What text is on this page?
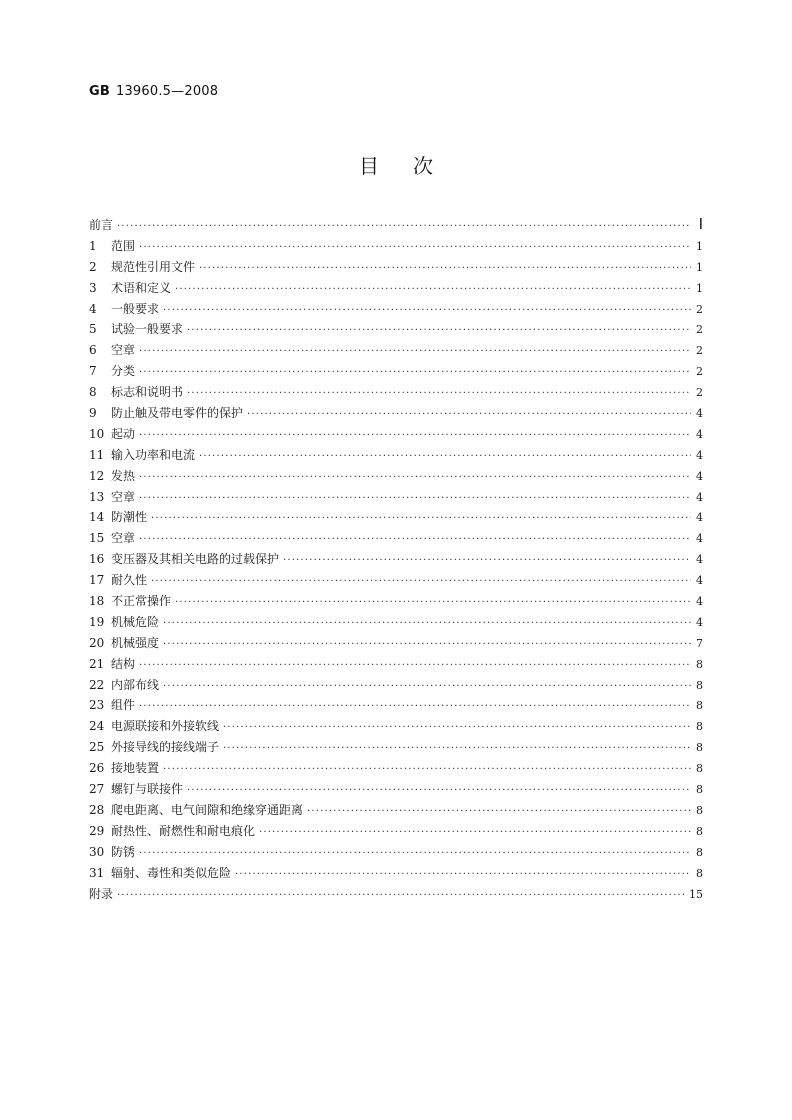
GB 13960.5—2008
目次
前言 ·····	Ⅰ
1	范围 ·····	1
2	规范性引用文件 ·····	1
3	术语和定义 ·····	1
4	一般要求 ·····	2
5	试验一般要求 ·····	2
6	空章 ·····	2
7	分类 ·····	2
8	标志和说明书 ·····	2
9	防止触及带电零件的保护 ·····	4
10 起动 ·····	4
11 输入功率和电流 ·····	4
12 发热 ·····	4
13 空章 ·····	4
14 防潮性 ·····	4
15 空章 ·····	4
16 变压器及其相关电路的过载保护 ·····	4
17 耐久性 ·····	4
18 不正常操作 ·····	4
19 机械危险 ·····	4
20 机械强度 ·····	7
21 结构 ·····	8
22 内部布线 ·····	8
23 组件 ·····	8
24 电源联接和外接软线 ·····	8
25 外接导线的接线端子 ·····	8
26 接地装置 ·····	8
27 螺钉与联接件 ·····	8
28 爬电距离、电气间隙和绝缘穿通距离 ·····	8
29 耐热性、耐燃性和耐电痕化 ·····	8
30 防锈 ·····	8
31 辐射、毒性和类似危险 ·····	8
附录 ·····	15
